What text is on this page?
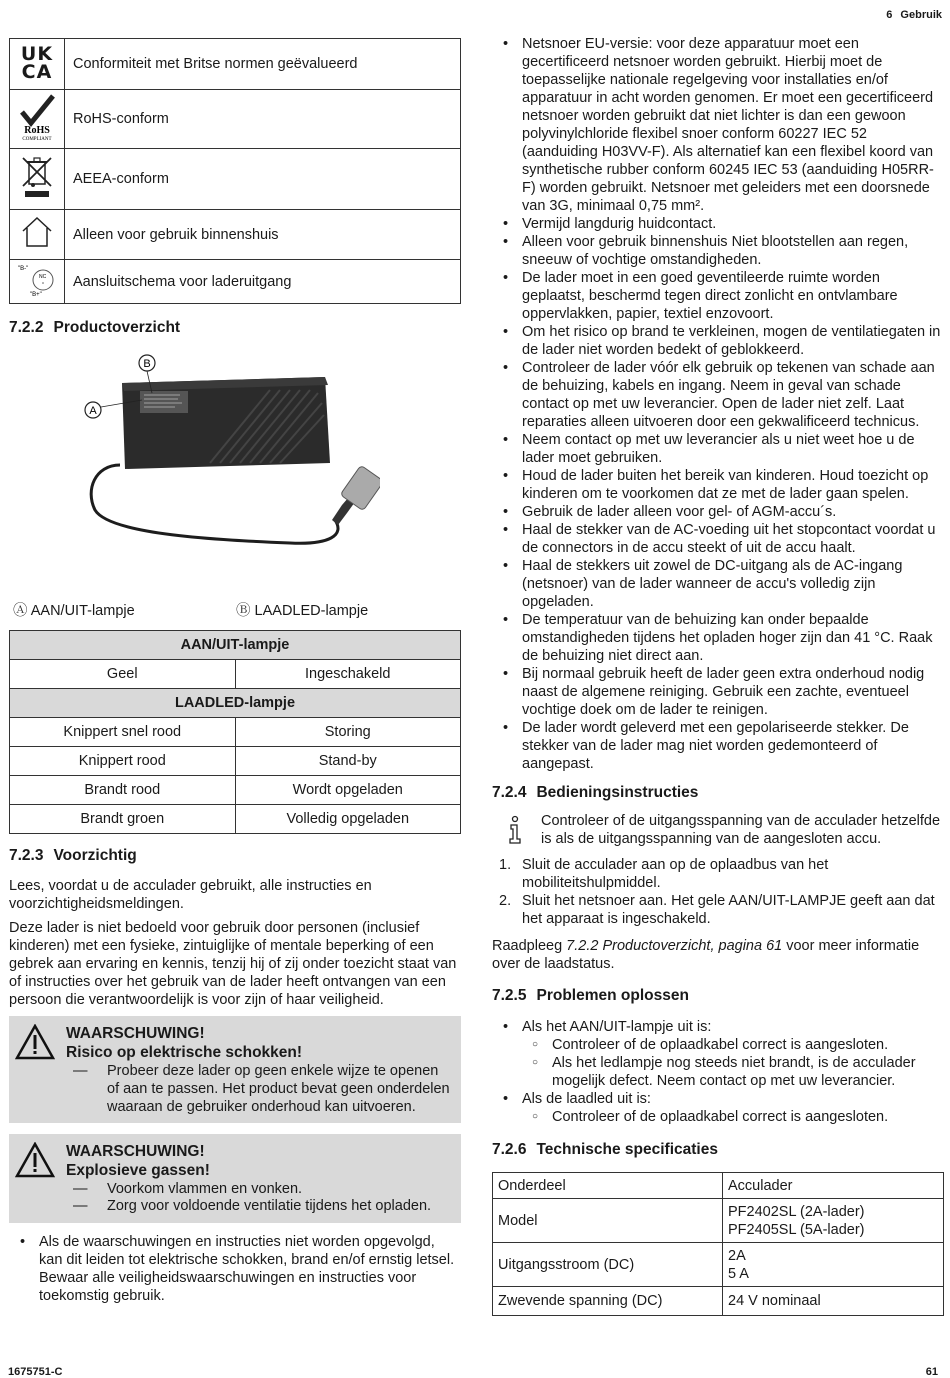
6 Gebruik
UK
CA	Conformiteit met Britse normen geëvalueerd

RoHS
COMPLIANT	RoHS-conform
	AEEA-conform
	Alleen voor gebruik binnenshuis

"B-"
NC
°
"B+"	Aansluitschema voor laderuitgang
7.2.2 Productoverzicht
A
B
Ⓐ AAN/UIT-lampje	Ⓑ LAADLED-lampje
AAN/UIT-lampje	
Geel	Ingeschakeld
LAADLED-lampje	
Knippert snel rood	Storing
Knippert rood	Stand-by
Brandt rood	Wordt opgeladen
Brandt groen	Volledig opgeladen
7.2.3 Voorzichtig

Lees, voordat u de acculader gebruikt, alle instructies en voorzichtigheidsmeldingen.

Deze lader is niet bedoeld voor gebruik door personen (inclusief kinderen) met een fysieke, zintuiglijke of mentale beperking of een gebrek aan ervaring en kennis, tenzij hij of zij onder toezicht staat van of instructies over het gebruik van de lader heeft ontvangen van een persoon die verantwoordelijk is voor zijn of haar veiligheid.

WAARSCHUWING!
Risico op elektrische schokken!
—	Probeer deze lader op geen enkele wijze te openen of aan te passen. Het product bevat geen onderdelen waaraan de gebruiker onderhoud kan uitvoeren.
WAARSCHUWING!
Explosieve gassen!
—	Voorkom vlammen en vonken.
—	Zorg voor voldoende ventilatie tijdens het opladen.
• Als de waarschuwingen en instructies niet worden opgevolgd, kan dit leiden tot elektrische schokken, brand en/of ernstig letsel. Bewaar alle veiligheidswaarschuwingen en instructies voor toekomstig gebruik.
• Netsnoer EU-versie: voor deze apparatuur moet een gecertificeerd netsnoer worden gebruikt. Hierbij moet de toepasselijke nationale regelgeving voor installaties en/of apparatuur in acht worden genomen. Er moet een gecertificeerd netsnoer worden gebruikt dat niet lichter is dan een gewoon polyvinylchloride flexibel snoer conform 60227 IEC 52 (aanduiding H03VV-F). Als alternatief kan een flexibel koord van synthetische rubber conform 60245 IEC 53 (aanduiding H05RR-F) worden gebruikt. Netsnoer met geleiders met een doorsnede van 3G, minimaal 0,75 mm².
• Vermijd langdurig huidcontact.
• Alleen voor gebruik binnenshuis Niet blootstellen aan regen, sneeuw of vochtige omstandigheden.
• De lader moet in een goed geventileerde ruimte worden geplaatst, beschermd tegen direct zonlicht en ontvlambare oppervlakken, papier, textiel enzovoort.
• Om het risico op brand te verkleinen, mogen de ventilatiegaten in de lader niet worden bedekt of geblokkeerd.
• Controleer de lader vóór elk gebruik op tekenen van schade aan de behuizing, kabels en ingang. Neem in geval van schade contact op met uw leverancier. Open de lader niet zelf. Laat reparaties alleen uitvoeren door een gekwalificeerd technicus.
• Neem contact op met uw leverancier als u niet weet hoe u de lader moet gebruiken.
• Houd de lader buiten het bereik van kinderen. Houd toezicht op kinderen om te voorkomen dat ze met de lader gaan spelen.
• Gebruik de lader alleen voor gel- of AGM-accu´s.
• Haal de stekker van de AC-voeding uit het stopcontact voordat u de connectors in de accu steekt of uit de accu haalt.
• Haal de stekkers uit zowel de DC-uitgang als de AC-ingang (netsnoer) van de lader wanneer de accu's volledig zijn opgeladen.
• De temperatuur van de behuizing kan onder bepaalde omstandigheden tijdens het opladen hoger zijn dan 41 °C. Raak de behuizing niet direct aan.
• Bij normaal gebruik heeft de lader geen extra onderhoud nodig naast de algemene reiniging. Gebruik een zachte, eventueel vochtige doek om de lader te reinigen.
• De lader wordt geleverd met een gepolariseerde stekker. De stekker van de lader mag niet worden gedemonteerd of aangepast.
7.2.4 Bedieningsinstructies

Controleer of de uitgangsspanning van de acculader hetzelfde is als de uitgangsspanning van de aangesloten accu.

1. Sluit de acculader aan op de oplaadbus van het mobiliteitshulpmiddel.
2. Sluit het netsnoer aan. Het gele AAN/UIT-LAMPJE geeft aan dat het apparaat is ingeschakeld.

Raadpleeg 7.2.2 Productoverzicht, pagina 61 voor meer informatie over de laadstatus.

7.2.5 Problemen oplossen
• Als het AAN/UIT-lampje uit is:
○ Controleer of de oplaadkabel correct is aangesloten.
○ Als het ledlampje nog steeds niet brandt, is de acculader mogelijk defect. Neem contact op met uw leverancier.
• Als de laadled uit is:
○ Controleer of de oplaadkabel correct is aangesloten.
7.2.6 Technische specificaties
Onderdeel	Acculader
Model	PF2402SL (2A-lader)
PF2405SL (5A-lader)

Uitgangsstroom (DC)	2A
5 A

Zwevende spanning (DC)	24 V nominaal
1675751-C	61
